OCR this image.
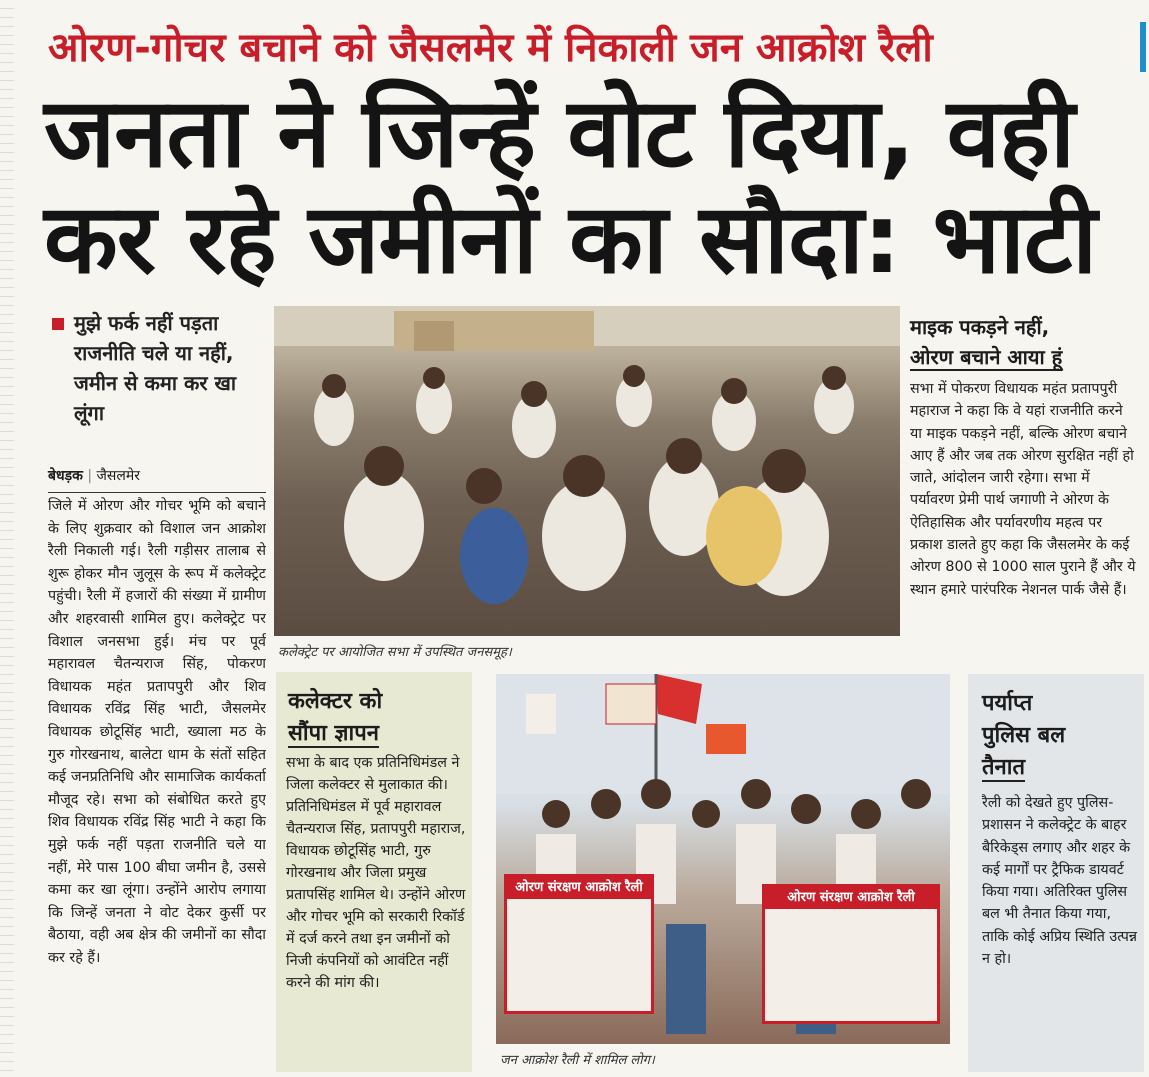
ओरण-गोचर बचाने को जैसलमेर में निकाली जन आक्रोश रैली
जनता ने जिन्हें वोट दिया, वही
कर रहे जमीनों का सौदा: भाटी
मुझे फर्क नहीं पड़ता राजनीति चले या नहीं, जमीन से कमा कर खा लूंगा
बेधड़क | जैसलमेर
जिले में ओरण और गोचर भूमि को बचाने के लिए शुक्रवार को विशाल जन आक्रोश रैली निकाली गई। रैली गड़ीसर तालाब से शुरू होकर मौन जुलूस के रूप में कलेक्ट्रेट पहुंची। रैली में हजारों की संख्या में ग्रामीण और शहरवासी शामिल हुए। कलेक्ट्रेट पर विशाल जनसभा हुई। मंच पर पूर्व महारावल चैतन्यराज सिंह, पोकरण विधायक महंत प्रतापपुरी और शिव विधायक रविंद्र सिंह भाटी, जैसलमेर विधायक छोटूसिंह भाटी, ख्याला मठ के गुरु गोरखनाथ, बालेटा धाम के संतों सहित कई जनप्रतिनिधि और सामाजिक कार्यकर्ता मौजूद रहे। सभा को संबोधित करते हुए शिव विधायक रविंद्र सिंह भाटी ने कहा कि मुझे फर्क नहीं पड़ता राजनीति चले या नहीं, मेरे पास 100 बीघा जमीन है, उससे कमा कर खा लूंगा। उन्होंने आरोप लगाया कि जिन्हें जनता ने वोट देकर कुर्सी पर बैठाया, वही अब क्षेत्र की जमीनों का सौदा कर रहे हैं।
कलेक्ट्रेट पर आयोजित सभा में उपस्थित जनसमूह।
माइक पकड़ने नहीं,
ओरण बचाने आया हूं
सभा में पोकरण विधायक महंत प्रतापपुरी महाराज ने कहा कि वे यहां राजनीति करने या माइक पकड़ने नहीं, बल्कि ओरण बचाने आए हैं और जब तक ओरण सुरक्षित नहीं हो जाते, आंदोलन जारी रहेगा। सभा में पर्यावरण प्रेमी पार्थ जगाणी ने ओरण के ऐतिहासिक और पर्यावरणीय महत्व पर प्रकाश डालते हुए कहा कि जैसलमेर के कई ओरण 800 से 1000 साल पुराने हैं और ये स्थान हमारे पारंपरिक नेशनल पार्क जैसे हैं।
कलेक्टर को
सौंपा ज्ञापन
सभा के बाद एक प्रतिनिधिमंडल ने जिला कलेक्टर से मुलाकात की। प्रतिनिधिमंडल में पूर्व महारावल चैतन्यराज सिंह, प्रतापपुरी महाराज, विधायक छोटूसिंह भाटी, गुरु गोरखनाथ और जिला प्रमुख प्रतापसिंह शामिल थे। उन्होंने ओरण और गोचर भूमि को सरकारी रिकॉर्ड में दर्ज करने तथा इन जमीनों को निजी कंपनियों को आवंटित नहीं करने की मांग की।
ओरण संरक्षण आक्रोश रैली
ओरण संरक्षण आक्रोश रैली
जन आक्रोश रैली में शामिल लोग।
पर्याप्त
पुलिस बल
तैनात
रैली को देखते हुए पुलिस-प्रशासन ने कलेक्ट्रेट के बाहर बैरिकेड्स लगाए और शहर के कई मार्गों पर ट्रैफिक डायवर्ट किया गया। अतिरिक्त पुलिस बल भी तैनात किया गया, ताकि कोई अप्रिय स्थिति उत्पन्न न हो।
